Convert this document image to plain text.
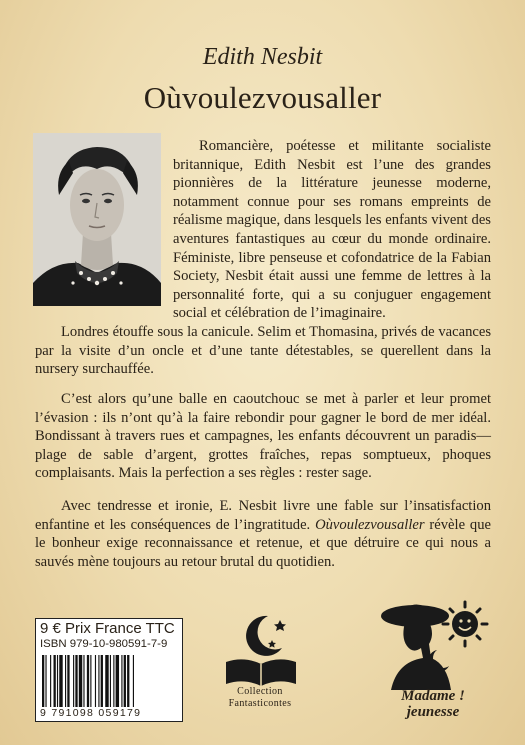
Edith Nesbit
Oùvoulezvousaller

Romancière, poétesse et militante socialiste britannique, Edith Nesbit est l’une des grandes pionnières de la littérature jeunesse moderne, notamment connue pour ses romans empreints de réalisme magique, dans lesquels les enfants vivent des aventures fantastiques au cœur du monde ordinaire. Féministe, libre penseuse et cofondatrice de la Fabian Society, Nesbit était aussi une femme de lettres à la personnalité forte, qui a su conjuguer engagement social et célébration de l’imaginaire.

Londres étouffe sous la canicule. Selim et Thomasina, privés de vacances par la visite d’un oncle et d’une tante détestables, se querellent dans la nursery surchauffée.

C’est alors qu’une balle en caoutchouc se met à parler et leur promet l’évasion : ils n’ont qu’à la faire rebondir pour gagner le bord de mer idéal. Bondissant à travers rues et campagnes, les enfants découvrent un paradis— plage de sable d’argent, grottes fraîches, repas somptueux, phoques complaisants. Mais la perfection a ses règles : rester sage.

Avec tendresse et ironie, E. Nesbit livre une fable sur l’insatisfaction enfantine et les conséquences de l’ingratitude. Oùvoulezvousaller révèle que le bonheur exige reconnaissance et retenue, et que détruire ce qui nous a sauvés mène toujours au retour brutal du quotidien.

9 € Prix France TTC
ISBN 979-10-980591-7-9
9 791098 059179
Collection
Fantasticontes	Madame !
jeunesse
